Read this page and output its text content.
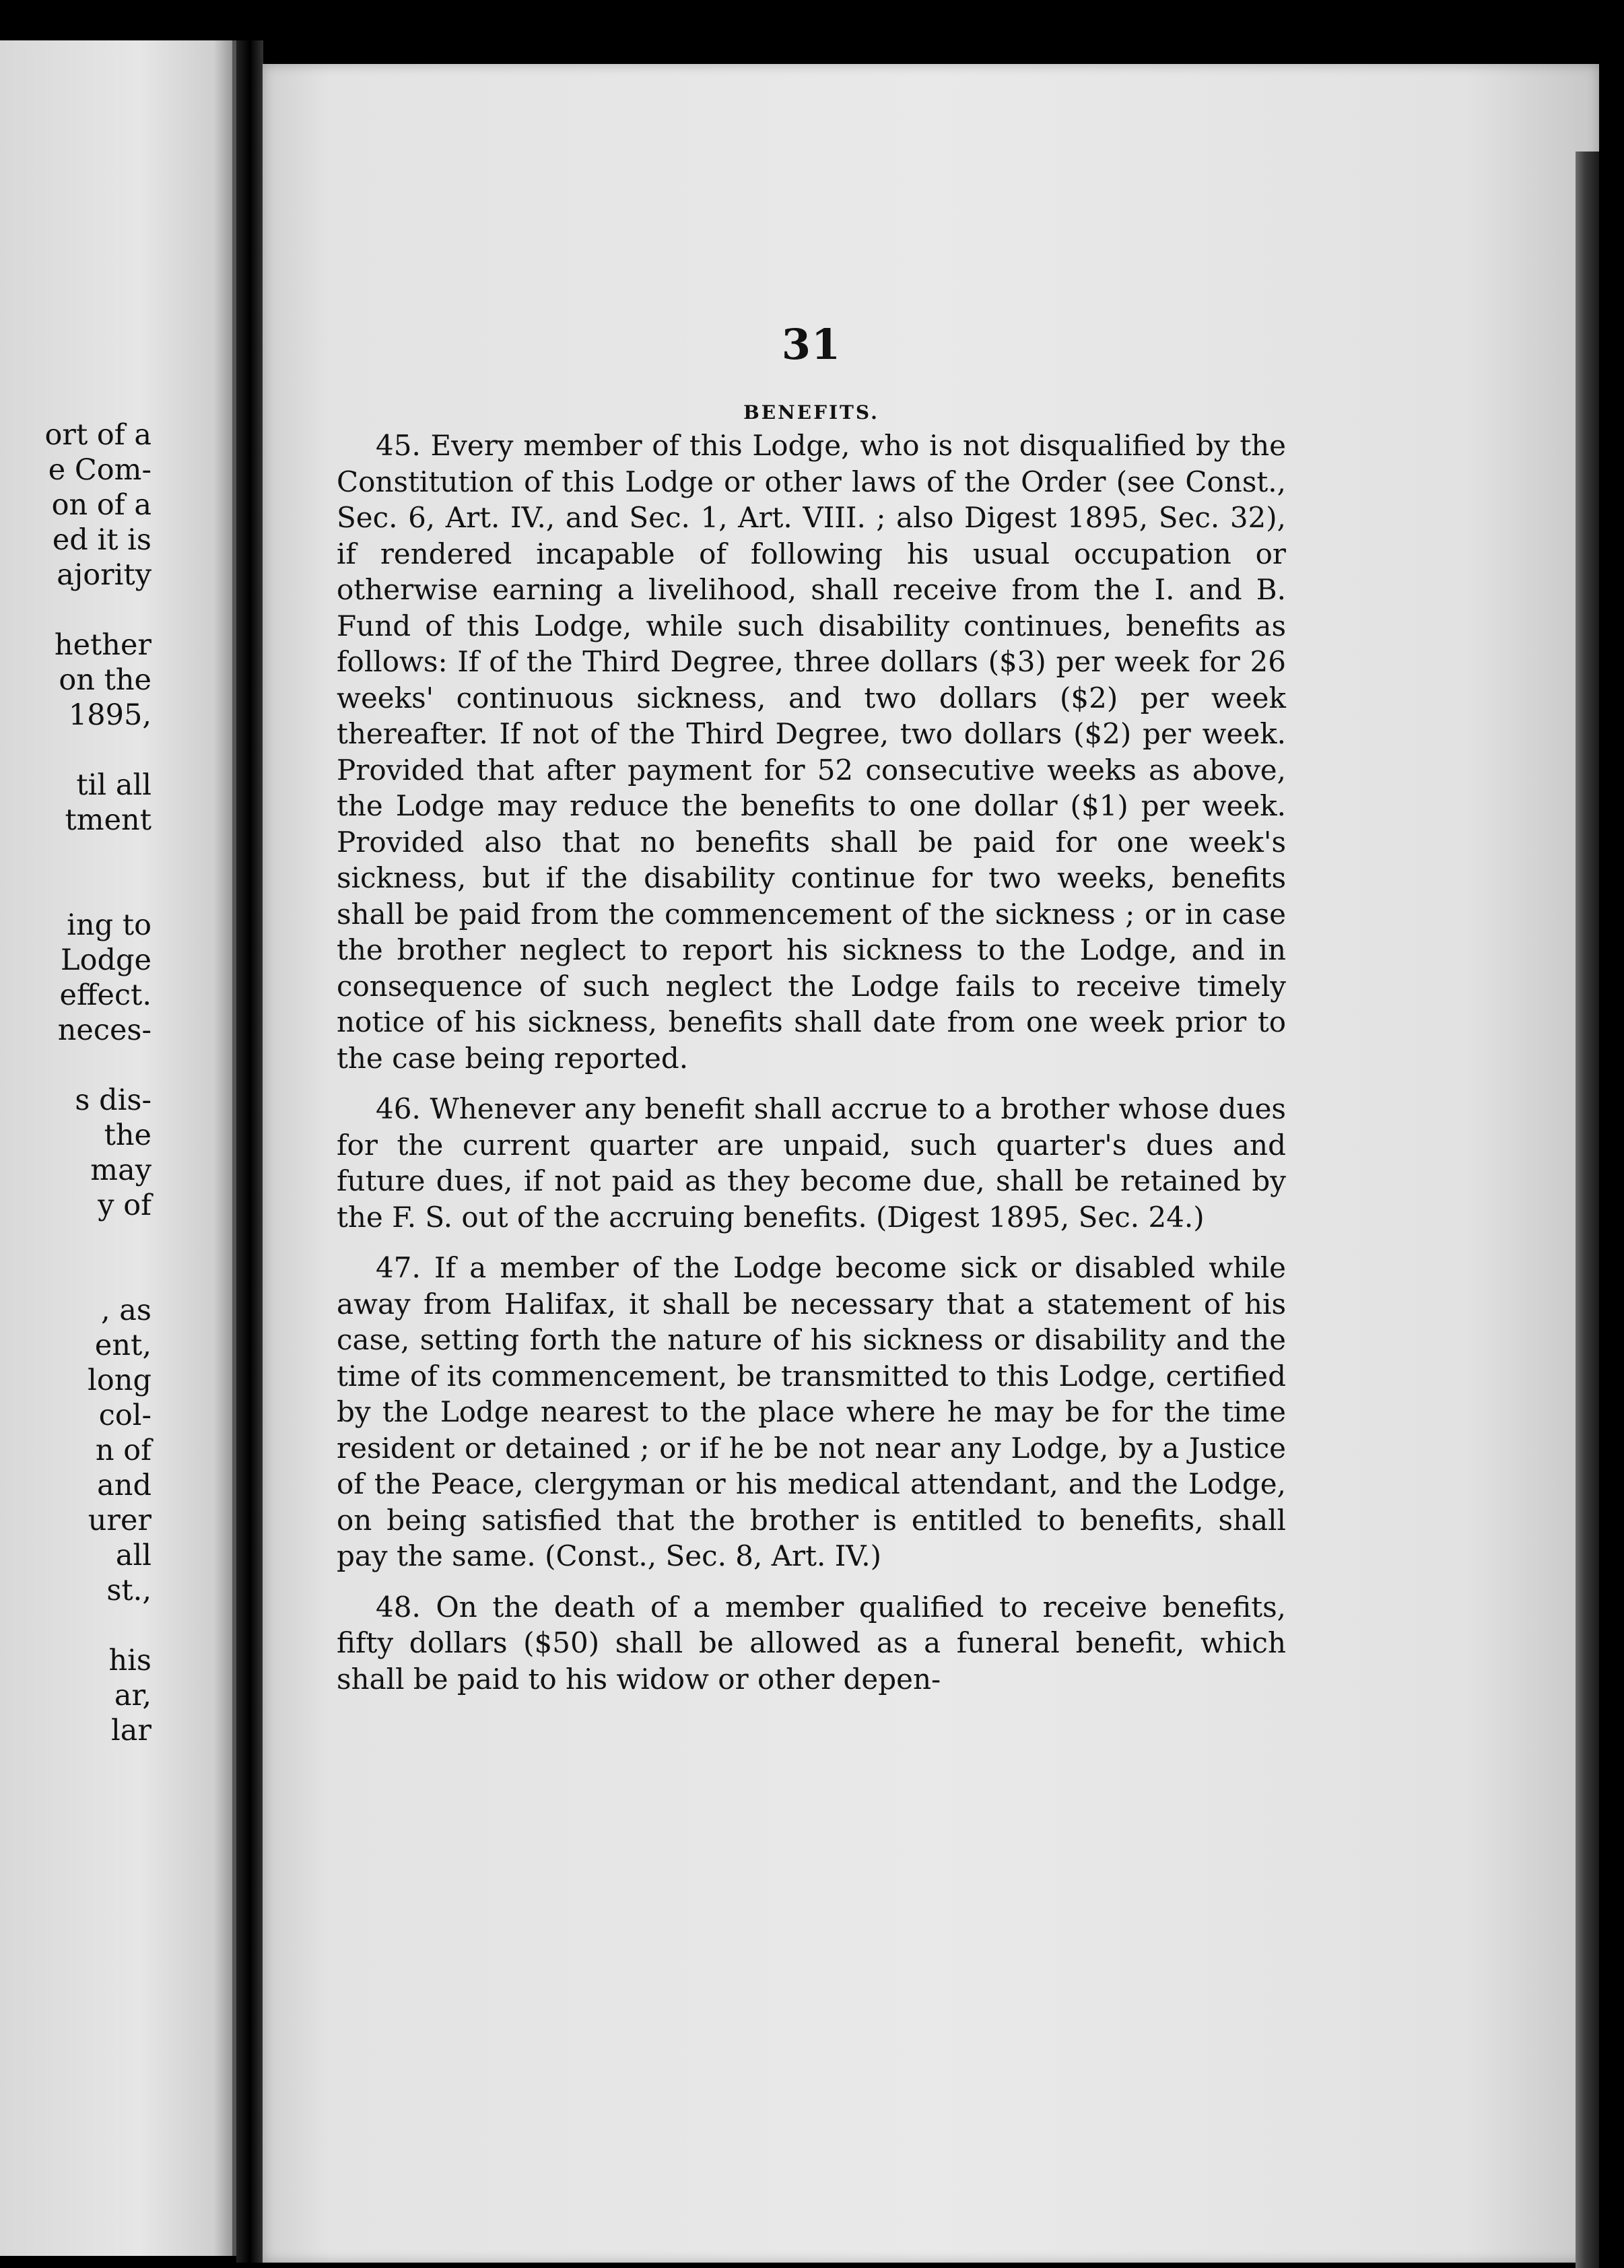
ort of a
e Com-
on of a
ed it is
ajority
hether
on the
1895,
til all
tment
ing to
Lodge
effect.
neces-
s dis-
the
may
y of
, as
ent,
long
col-
n of
and
urer
all
st.,
his
ar,
lar
31
BENEFITS.

45. Every member of this Lodge, who is not disqualified by the Constitution of this Lodge or other laws of the Order (see Const., Sec. 6, Art. IV., and Sec. 1, Art. VIII. ; also Digest 1895, Sec. 32), if rendered incapable of following his usual occupation or otherwise earning a livelihood, shall receive from the I. and B. Fund of this Lodge, while such disability continues, benefits as follows: If of the Third Degree, three dollars ($3) per week for 26 weeks' continuous sickness, and two dollars ($2) per week thereafter. If not of the Third Degree, two dollars ($2) per week. Provided that after payment for 52 consecutive weeks as above, the Lodge may reduce the benefits to one dollar ($1) per week. Provided also that no benefits shall be paid for one week's sickness, but if the disability continue for two weeks, benefits shall be paid from the commencement of the sickness ; or in case the brother neglect to report his sickness to the Lodge, and in consequence of such neglect the Lodge fails to receive timely notice of his sickness, benefits shall date from one week prior to the case being reported.

46. Whenever any benefit shall accrue to a brother whose dues for the current quarter are unpaid, such quarter's dues and future dues, if not paid as they become due, shall be retained by the F. S. out of the accruing benefits. (Digest 1895, Sec. 24.)

47. If a member of the Lodge become sick or disabled while away from Halifax, it shall be necessary that a statement of his case, setting forth the nature of his sickness or disability and the time of its commencement, be transmitted to this Lodge, certified by the Lodge nearest to the place where he may be for the time resident or detained ; or if he be not near any Lodge, by a Justice of the Peace, clergyman or his medical attendant, and the Lodge, on being satisfied that the brother is entitled to benefits, shall pay the same. (Const., Sec. 8, Art. IV.)

48. On the death of a member qualified to receive benefits, fifty dollars ($50) shall be allowed as a funeral benefit, which shall be paid to his widow or other depen-
